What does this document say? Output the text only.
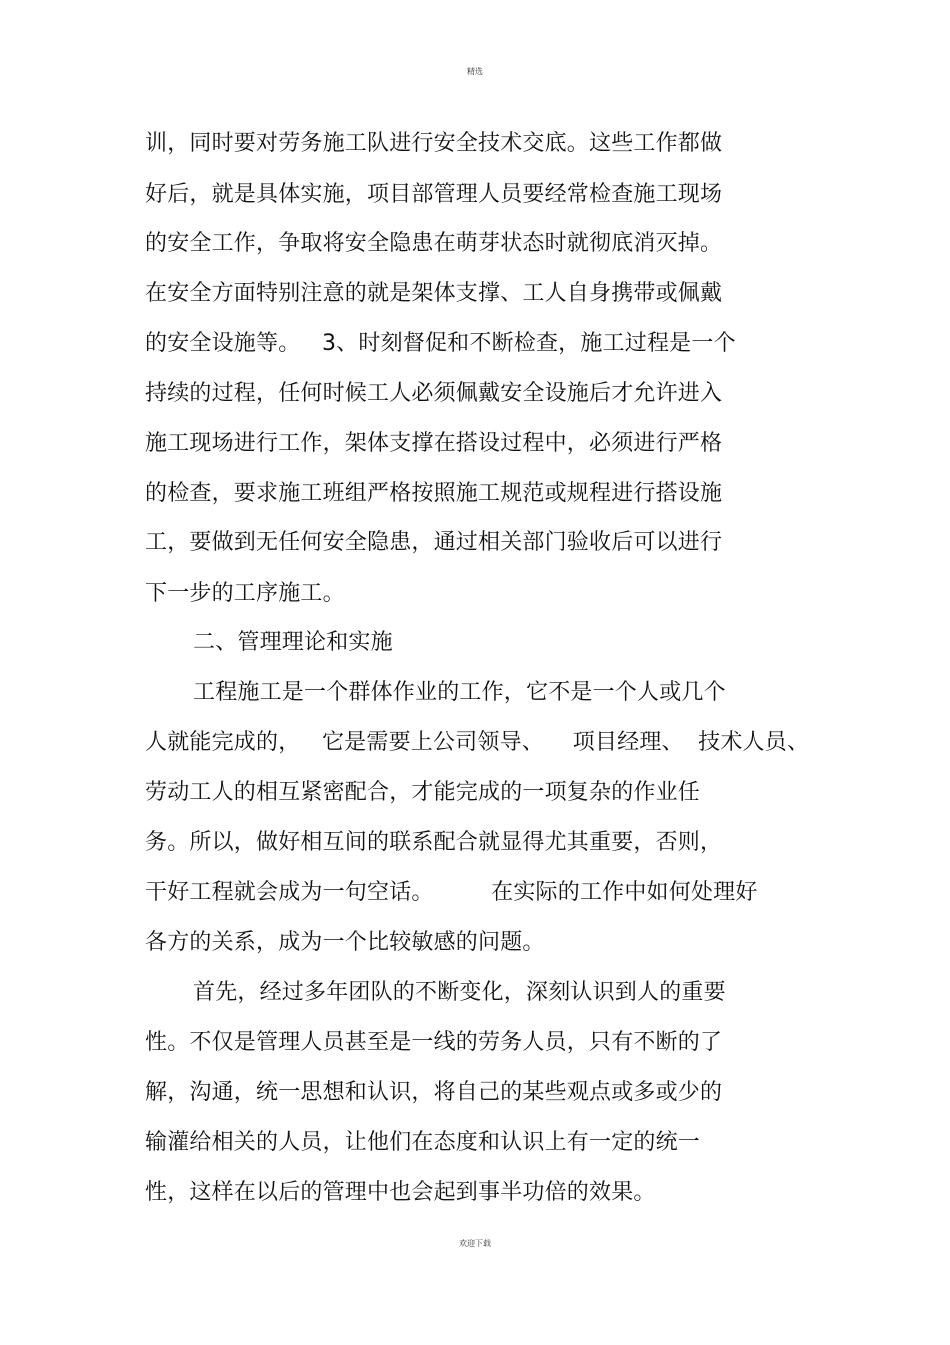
精选
训，同时要对劳务施工队进行安全技术交底。这些工作都做
好后，就是具体实施，项目部管理人员要经常检查施工现场
的安全工作，争取将安全隐患在萌芽状态时就彻底消灭掉。
在安全方面特别注意的就是架体支撑、工人自身携带或佩戴
的安全设施等。   3、时刻督促和不断检查，施工过程是一个
持续的过程，任何时候工人必须佩戴安全设施后才允许进入
施工现场进行工作，架体支撑在搭设过程中，必须进行严格
的检查，要求施工班组严格按照施工规范或规程进行搭设施
工，要做到无任何安全隐患，通过相关部门验收后可以进行
下一步的工序施工。
二、管理理论和实施
工程施工是一个群体作业的工作，它不是一个人或几个
人就能完成的，   它是需要上公司领导、    项目经理、  技术人员、
劳动工人的相互紧密配合，才能完成的一项复杂的作业任
务。所以，做好相互间的联系配合就显得尤其重要，否则，
干好工程就会成为一句空话。        在实际的工作中如何处理好
各方的关系，成为一个比较敏感的问题。
首先，经过多年团队的不断变化，深刻认识到人的重要
性。不仅是管理人员甚至是一线的劳务人员，只有不断的了
解，沟通，统一思想和认识，将自己的某些观点或多或少的
输灌给相关的人员，让他们在态度和认识上有一定的统一
性，这样在以后的管理中也会起到事半功倍的效果。
欢迎下载
